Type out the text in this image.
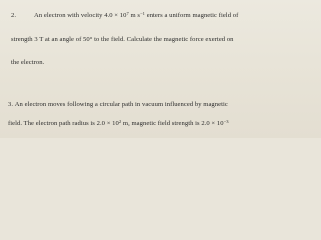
2.	An electron with velocity $4.0 \times 10^7$ m $s^{-1}$ enters a uniform magnetic field of

strength 3 T at an angle of 50° to the field. Calculate the magnetic force exerted on

the electron.

3. An electron moves following a circular path in vacuum influenced by magnetic

field. The electron path radius is $2.0 \times 10^2$ m, magnetic field strength is $2.0 \times 10^{-3}$
